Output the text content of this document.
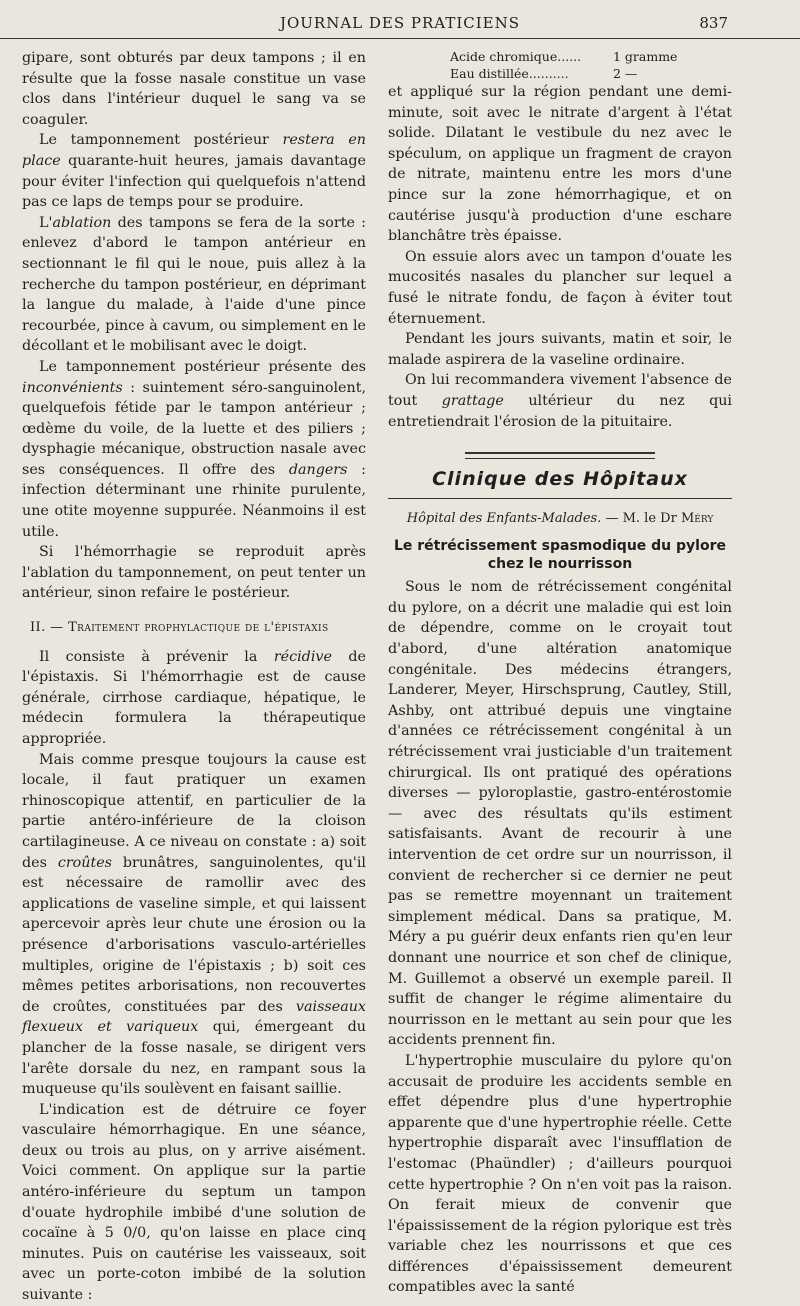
JOURNAL DES PRATICIENS	837

gipare, sont obturés par deux tampons ; il en résulte que la fosse nasale constitue un vase clos dans l'intérieur duquel le sang va se coaguler.

Le tamponnement postérieur restera en place quarante-huit heures, jamais davantage pour éviter l'infection qui quelquefois n'attend pas ce laps de temps pour se produire.

L'ablation des tampons se fera de la sorte : enlevez d'abord le tampon antérieur en sectionnant le fil qui le noue, puis allez à la recherche du tampon postérieur, en déprimant la langue du malade, à l'aide d'une pince recourbée, pince à cavum, ou simplement en le décollant et le mobilisant avec le doigt.

Le tamponnement postérieur présente des inconvénients : suintement séro-sanguinolent, quelquefois fétide par le tampon antérieur ; œdème du voile, de la luette et des piliers ; dysphagie mécanique, obstruction nasale avec ses conséquences. Il offre des dangers : infection déterminant une rhinite purulente, une otite moyenne suppurée. Néanmoins il est utile.

Si l'hémorrhagie se reproduit après l'ablation du tamponnement, on peut tenter un antérieur, sinon refaire le postérieur.

II. — Traitement prophylactique de l'épistaxis

Il consiste à prévenir la récidive de l'épistaxis. Si l'hémorrhagie est de cause générale, cirrhose cardiaque, hépatique, le médecin formulera la thérapeutique appropriée.

Mais comme presque toujours la cause est locale, il faut pratiquer un examen rhinoscopique attentif, en particulier de la partie antéro-inférieure de la cloison cartilagineuse. A ce niveau on constate : a) soit des croûtes brunâtres, sanguinolentes, qu'il est nécessaire de ramollir avec des applications de vaseline simple, et qui laissent apercevoir après leur chute une érosion ou la présence d'arborisations vasculo-artérielles multiples, origine de l'épistaxis ; b) soit ces mêmes petites arborisations, non recouvertes de croûtes, constituées par des vaisseaux flexueux et variqueux qui, émergeant du plancher de la fosse nasale, se dirigent vers l'arête dorsale du nez, en rampant sous la muqueuse qu'ils soulèvent en faisant saillie.

L'indication est de détruire ce foyer vasculaire hémorrhagique. En une séance, deux ou trois au plus, on y arrive aisément. Voici comment. On applique sur la partie antéro-inférieure du septum un tampon d'ouate hydrophile imbibé d'une solution de cocaïne à 5 0/0, qu'on laisse en place cinq minutes. Puis on cautérise les vaisseaux, soit avec un porte-coton imbibé de la solution suivante :

Acide chromique......	1 gramme
Eau distillée..........	2 —

et appliqué sur la région pendant une demi-minute, soit avec le nitrate d'argent à l'état solide. Dilatant le vestibule du nez avec le spéculum, on applique un fragment de crayon de nitrate, maintenu entre les mors d'une pince sur la zone hémorrhagique, et on cautérise jusqu'à production d'une eschare blanchâtre très épaisse.

On essuie alors avec un tampon d'ouate les mucosités nasales du plancher sur lequel a fusé le nitrate fondu, de façon à éviter tout éternuement.

Pendant les jours suivants, matin et soir, le malade aspirera de la vaseline ordinaire.

On lui recommandera vivement l'absence de tout grattage ultérieur du nez qui entretiendrait l'érosion de la pituitaire.

Clinique des Hôpitaux
Hôpital des Enfants-Malades. — M. le Dr Méry
Le rétrécissement spasmodique du pylore
chez le nourrisson

Sous le nom de rétrécissement congénital du pylore, on a décrit une maladie qui est loin de dépendre, comme on le croyait tout d'abord, d'une altération anatomique congénitale. Des médecins étrangers, Landerer, Meyer, Hirschsprung, Cautley, Still, Ashby, ont attribué depuis une vingtaine d'années ce rétrécissement congénital à un rétrécissement vrai justiciable d'un traitement chirurgical. Ils ont pratiqué des opérations diverses — pyloroplastie, gastro-entérostomie — avec des résultats qu'ils estiment satisfaisants. Avant de recourir à une intervention de cet ordre sur un nourrisson, il convient de rechercher si ce dernier ne peut pas se remettre moyennant un traitement simplement médical. Dans sa pratique, M. Méry a pu guérir deux enfants rien qu'en leur donnant une nourrice et son chef de clinique, M. Guillemot a observé un exemple pareil. Il suffit de changer le régime alimentaire du nourrisson en le mettant au sein pour que les accidents prennent fin.

L'hypertrophie musculaire du pylore qu'on accusait de produire les accidents semble en effet dépendre plus d'une hypertrophie apparente que d'une hypertrophie réelle. Cette hypertrophie disparaît avec l'insufflation de l'estomac (Phaündler) ; d'ailleurs pourquoi cette hypertrophie ? On n'en voit pas la raison. On ferait mieux de convenir que l'épaississement de la région pylorique est très variable chez les nourrissons et que ces différences d'épaississement demeurent compatibles avec la santé
